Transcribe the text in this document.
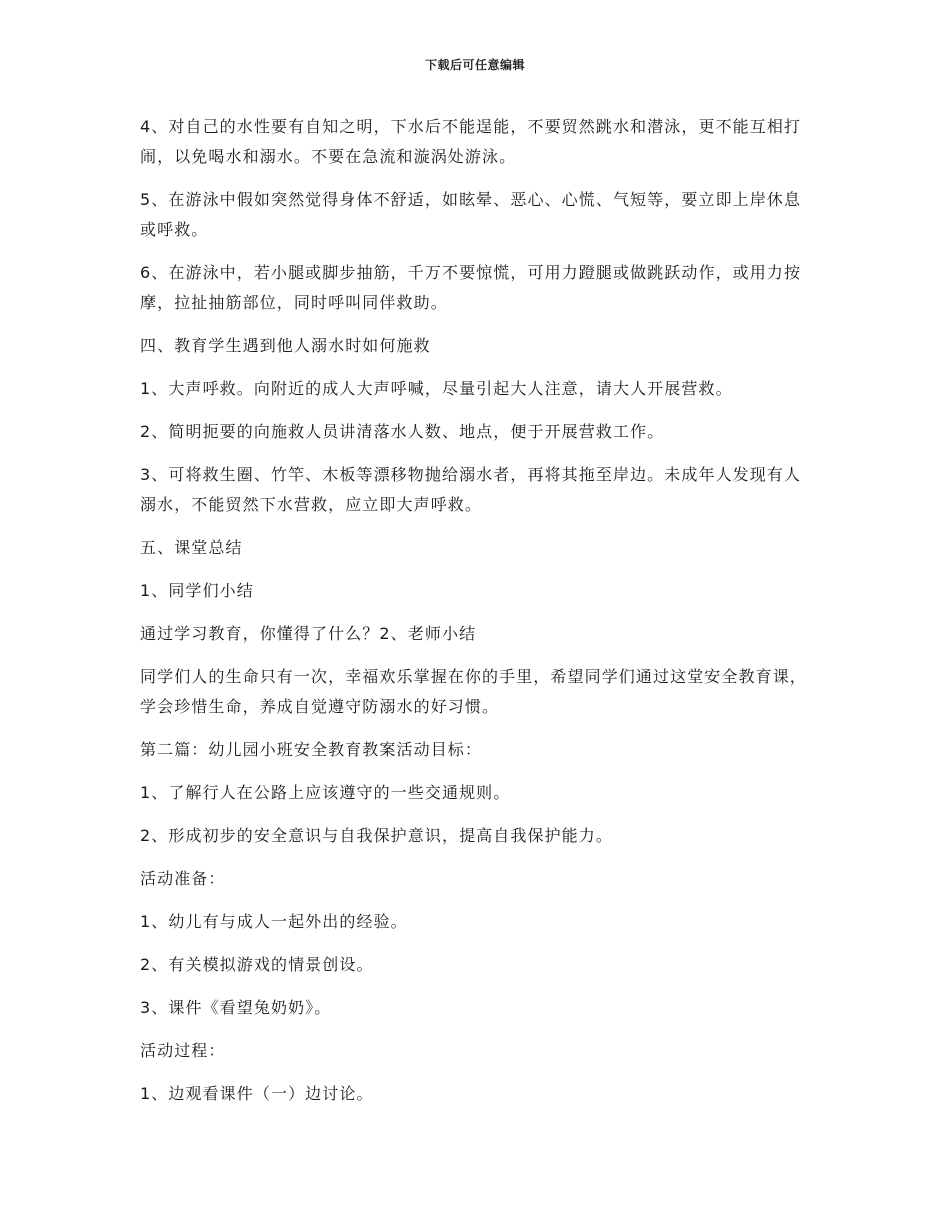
下载后可任意编辑

4、对自己的水性要有自知之明，下水后不能逞能，不要贸然跳水和潜泳，更不能互相打闹，以免喝水和溺水。不要在急流和漩涡处游泳。

5、在游泳中假如突然觉得身体不舒适，如眩晕、恶心、心慌、气短等，要立即上岸休息或呼救。

6、在游泳中，若小腿或脚步抽筋，千万不要惊慌，可用力蹬腿或做跳跃动作，或用力按摩，拉扯抽筋部位，同时呼叫同伴救助。

四、教育学生遇到他人溺水时如何施救

1、大声呼救。向附近的成人大声呼喊，尽量引起大人注意，请大人开展营救。

2、简明扼要的向施救人员讲清落水人数、地点，便于开展营救工作。

3、可将救生圈、竹竿、木板等漂移物抛给溺水者，再将其拖至岸边。未成年人发现有人溺水，不能贸然下水营救，应立即大声呼救。

五、课堂总结

1、同学们小结

通过学习教育，你懂得了什么？2、老师小结

同学们人的生命只有一次，幸福欢乐掌握在你的手里，希望同学们通过这堂安全教育课，学会珍惜生命，养成自觉遵守防溺水的好习惯。

第二篇：幼儿园小班安全教育教案活动目标：

1、了解行人在公路上应该遵守的一些交通规则。

2、形成初步的安全意识与自我保护意识，提高自我保护能力。

活动准备：

1、幼儿有与成人一起外出的经验。

2、有关模拟游戏的情景创设。

3、课件《看望兔奶奶》。

活动过程：

1、边观看课件（一）边讨论。
